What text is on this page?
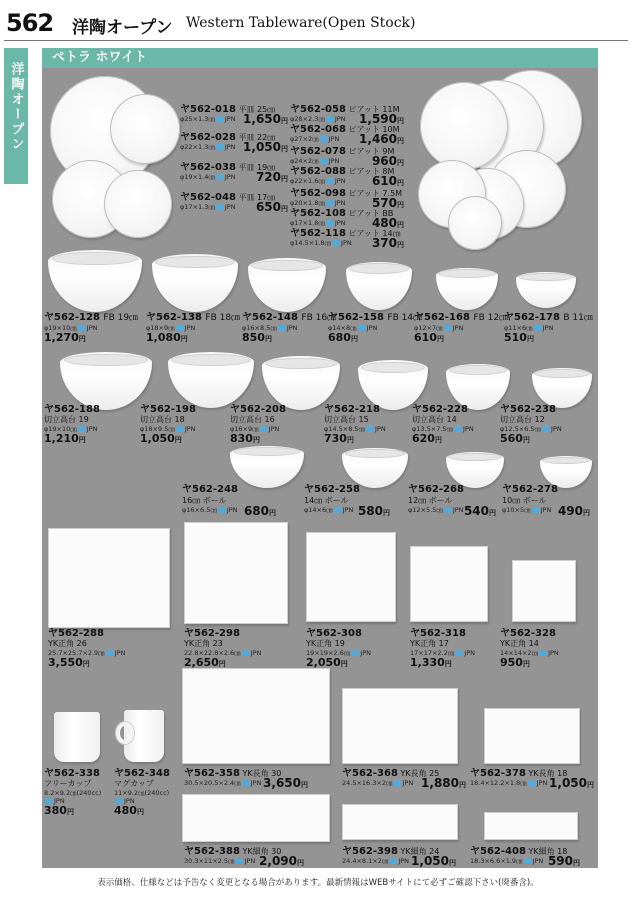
562 洋陶オープン Western Tableware(Open Stock)
洋陶オープン
ペトラ ホワイト
ヤ562-018 平皿 25㎝
φ25×1.3㎝ JPN 1,650円
ヤ562-028 平皿 22㎝
φ22×1.3㎝ JPN 1,050円
ヤ562-038 平皿 19㎝
φ19×1.4㎝ JPN	720円
ヤ562-048 平皿 17㎝
φ17×1.3㎝ JPN	650円
ヤ562-058 ピアット 11M
φ28×2.3㎝ JPN	1,590円
ヤ562-068 ピアット 10M
φ27×2㎝ JPN	1,460円
ヤ562-078 ピアット 9M
φ24×2㎝ JPN	960円
ヤ562-088 ピアット 8M
φ22×1.6㎝ JPN	610円
ヤ562-098 ピアット 7.5M
φ20×1.8㎝ JPN	570円
ヤ562-108 ピアット BB
φ17×1.8㎝ JPN	480円
ヤ562-118 ピアット 14㎝
φ14.5×1.8㎝ JPN	370円
ヤ562-128 FB 19㎝
φ19×10㎝ JPN
1,270円
ヤ562-138 FB 18㎝
φ18×9㎝ JPN
1,080円
ヤ562-148 FB 16㎝
φ16×8.5㎝ JPN
850円
ヤ562-158 FB 14㎝
φ14×8㎝ JPN
680円
ヤ562-168 FB 12㎝
φ12×7㎝ JPN
610円
ヤ562-178 B 11㎝
φ11×6㎝ JPN
510円
ヤ562-188
切立高台 19
φ19×10㎝ JPN
1,210円
ヤ562-198
切立高台 18
φ18×9.5㎝ JPN
1,050円
ヤ562-208
切立高台 16
φ16×9㎝ JPN
830円
ヤ562-218
切立高台 15
φ14.5×8.5㎝ JPN
730円
ヤ562-228
切立高台 14
φ13.5×7.5㎝ JPN
620円
ヤ562-238
切立高台 12
φ12.5×6.5㎝ JPN
560円
ヤ562-248
16㎝ ボール
φ16×6.5㎝ JPN 680円
ヤ562-258
14㎝ ボール
φ14×6㎝ JPN 580円
ヤ562-268
12㎝ ボール
φ12×5.5㎝ JPN 540円
ヤ562-278
10㎝ ボール
φ10×5㎝ JPN 490円
ヤ562-288
YK正角 26
25.7×25.7×2.9㎝ JPN
3,550円
ヤ562-298
YK正角 23
22.8×22.8×2.6㎝ JPN
2,650円
ヤ562-308
YK正角 19
19×19×2.6㎝ JPN
2,050円
ヤ562-318
YK正角 17
17×17×2.2㎝ JPN
1,330円
ヤ562-328
YK正角 14
14×14×2㎝ JPN
950円
ヤ562-338
フリーカップ
8.2×9.2㎝(240cc)
JPN
380円
ヤ562-348
マグカップ
11×9.2㎝(240cc)
JPN
480円
ヤ562-358 YK長角 30
30.5×20.5×2.4㎝ JPN 3,650円
ヤ562-368 YK長角 25
24.5×16.3×2㎝ JPN 1,880円
ヤ562-378 YK長角 18
18.4×12.2×1.8㎝ JPN 1,050円
ヤ562-388 YK細角 30
30.3×11×2.5㎝ JPN 2,090円
ヤ562-398 YK細角 24
24.4×8.1×2㎝ JPN 1,050円
ヤ562-408 YK細角 18
18.3×6.6×1.9㎝ JPN 590円
表示価格、仕様などは予告なく変更となる場合があります。最新情報はWEBサイトにて必ずご確認下さい(廃番含)。
